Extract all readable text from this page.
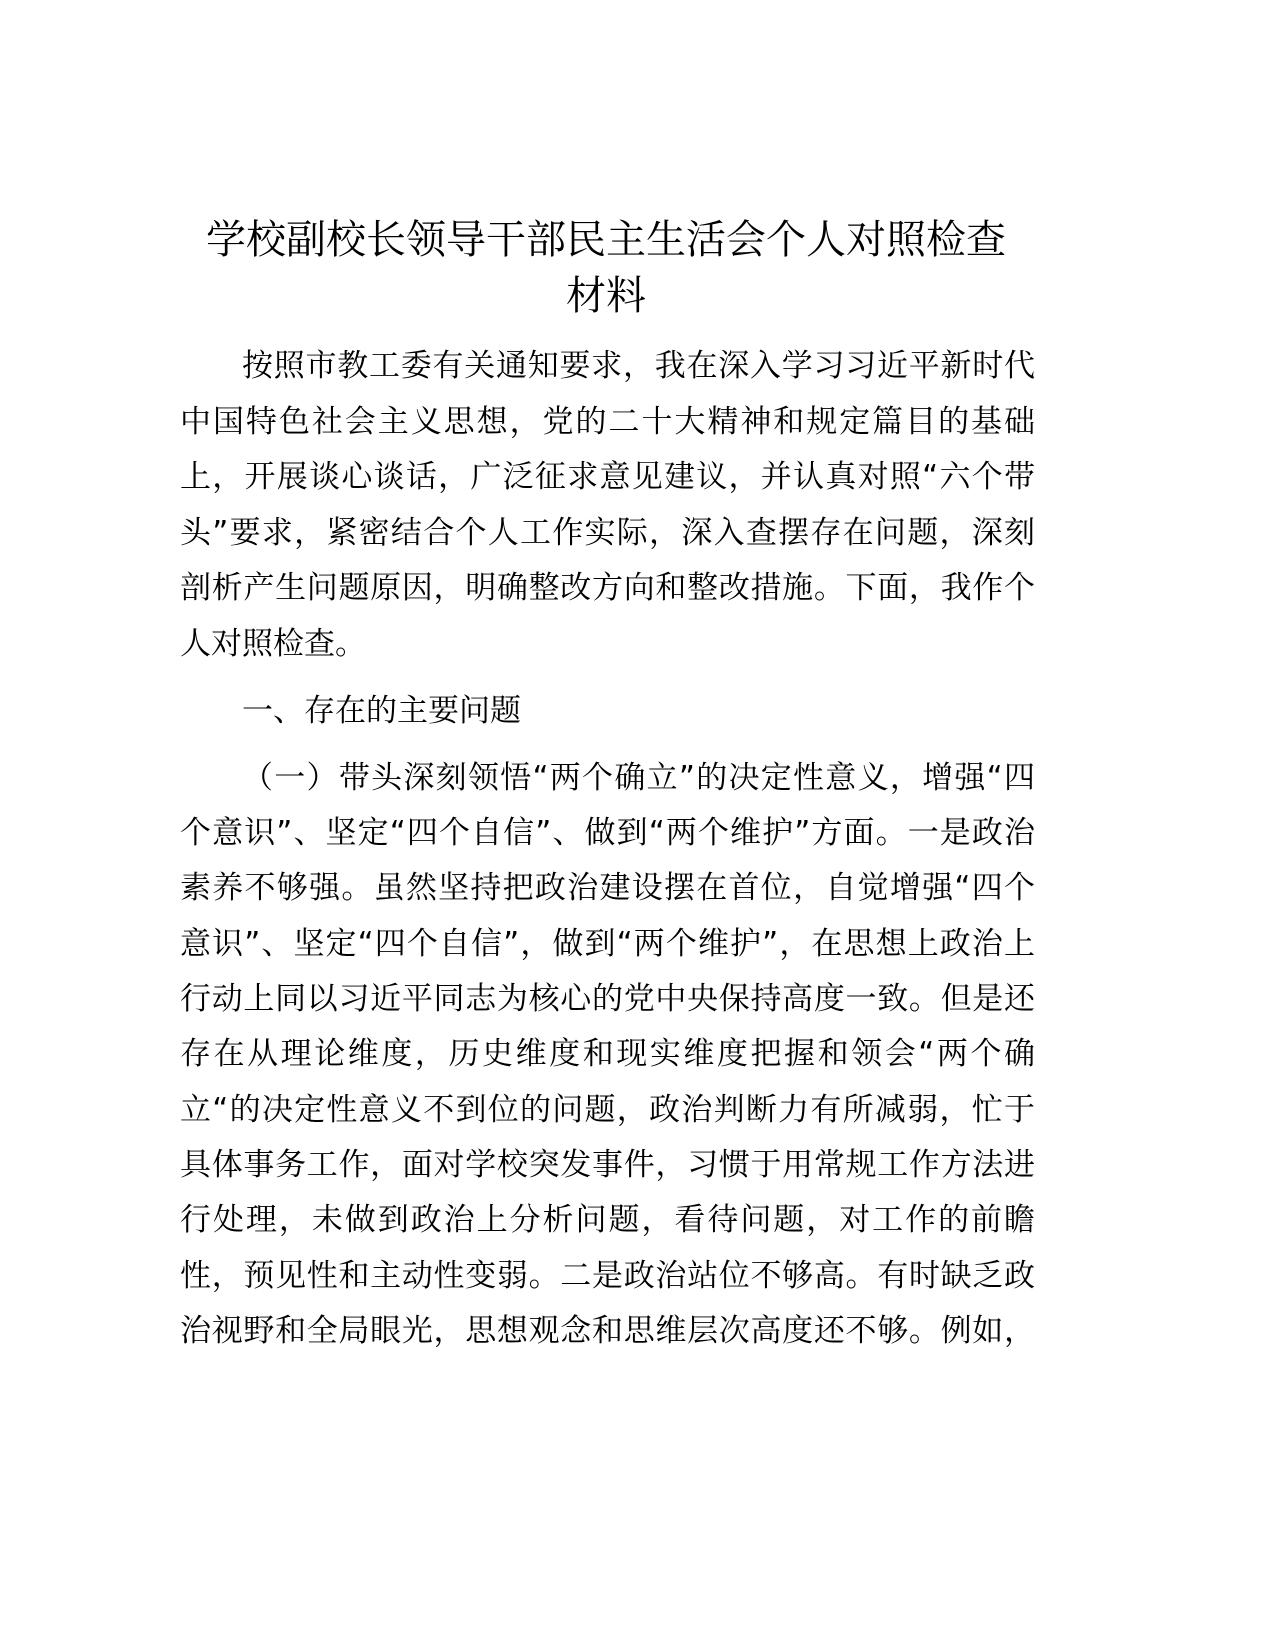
学校副校长领导干部民主生活会个人对照检查
材料
按照市教工委有关通知要求，我在深入学习习近平新时代
中国特色社会主义思想，党的二十大精神和规定篇目的基础
上，开展谈心谈话，广泛征求意见建议，并认真对照“六个带
头”要求，紧密结合个人工作实际，深入查摆存在问题，深刻
剖析产生问题原因，明确整改方向和整改措施。下面，我作个
人对照检查。
一、存在的主要问题
（一）带头深刻领悟“两个确立”的决定性意义，增强“四
个意识”、坚定“四个自信”、做到“两个维护”方面。一是政治
素养不够强。虽然坚持把政治建设摆在首位，自觉增强“四个
意识”、坚定“四个自信”，做到“两个维护”，在思想上政治上
行动上同以习近平同志为核心的党中央保持高度一致。但是还
存在从理论维度，历史维度和现实维度把握和领会“两个确
立“的决定性意义不到位的问题，政治判断力有所减弱，忙于
具体事务工作，面对学校突发事件，习惯于用常规工作方法进
行处理，未做到政治上分析问题，看待问题，对工作的前瞻
性，预见性和主动性变弱。二是政治站位不够高。有时缺乏政
治视野和全局眼光，思想观念和思维层次高度还不够。例如，
